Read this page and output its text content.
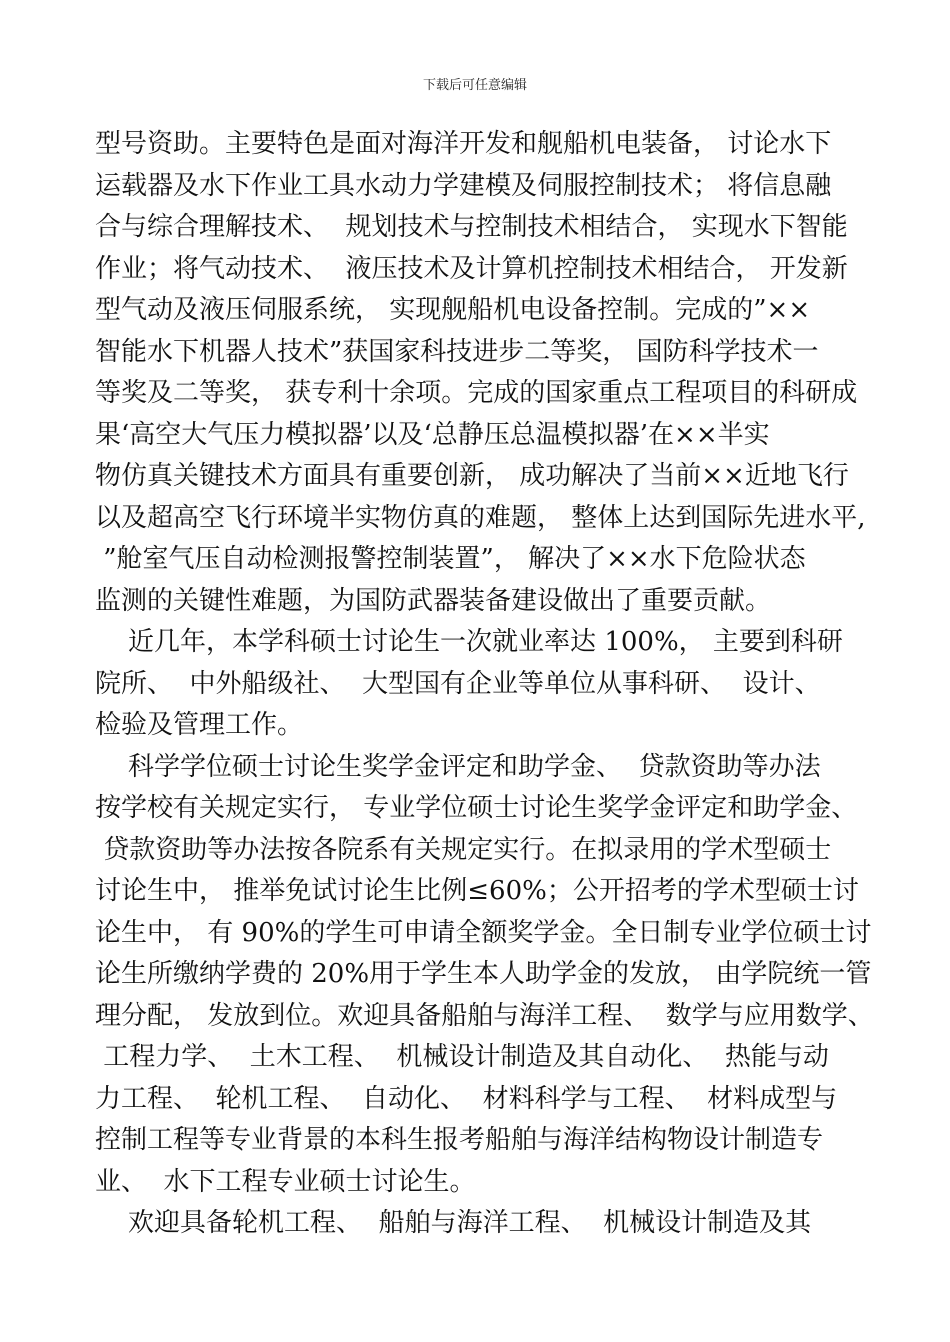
下载后可任意编辑
型号资助。主要特色是面对海洋开发和舰船机电装备， 讨论水下
运载器及水下作业工具水动力学建模及伺服控制技术； 将信息融
合与综合理解技术、  规划技术与控制技术相结合， 实现水下智能
作业；将气动技术、  液压技术及计算机控制技术相结合， 开发新
型气动及液压伺服系统， 实现舰船机电设备控制。完成的”××
智能水下机器人技术”获国家科技进步二等奖， 国防科学技术一
等奖及二等奖， 获专利十余项。完成的国家重点工程项目的科研成
果‘高空大气压力模拟器’以及‘总静压总温模拟器’在××半实
物仿真关键技术方面具有重要创新， 成功解决了当前××近地飞行
以及超高空飞行环境半实物仿真的难题， 整体上达到国际先进水平,
”舱室气压自动检测报警控制装置”， 解决了××水下危险状态
监测的关键性难题，为国防武器装备建设做出了重要贡献。
近几年，本学科硕士讨论生一次就业率达 100%， 主要到科研
院所、  中外船级社、  大型国有企业等单位从事科研、  设计、
检验及管理工作。
科学学位硕士讨论生奖学金评定和助学金、  贷款资助等办法
按学校有关规定实行， 专业学位硕士讨论生奖学金评定和助学金、
贷款资助等办法按各院系有关规定实行。在拟录用的学术型硕士
讨论生中， 推举免试讨论生比例≤60%；公开招考的学术型硕士讨
论生中， 有 90%的学生可申请全额奖学金。全日制专业学位硕士讨
论生所缴纳学费的 20%用于学生本人助学金的发放， 由学院统一管
理分配， 发放到位。欢迎具备船舶与海洋工程、  数学与应用数学、
工程力学、  土木工程、  机械设计制造及其自动化、  热能与动
力工程、  轮机工程、  自动化、  材料科学与工程、  材料成型与
控制工程等专业背景的本科生报考船舶与海洋结构物设计制造专
业、  水下工程专业硕士讨论生。
欢迎具备轮机工程、  船舶与海洋工程、  机械设计制造及其
